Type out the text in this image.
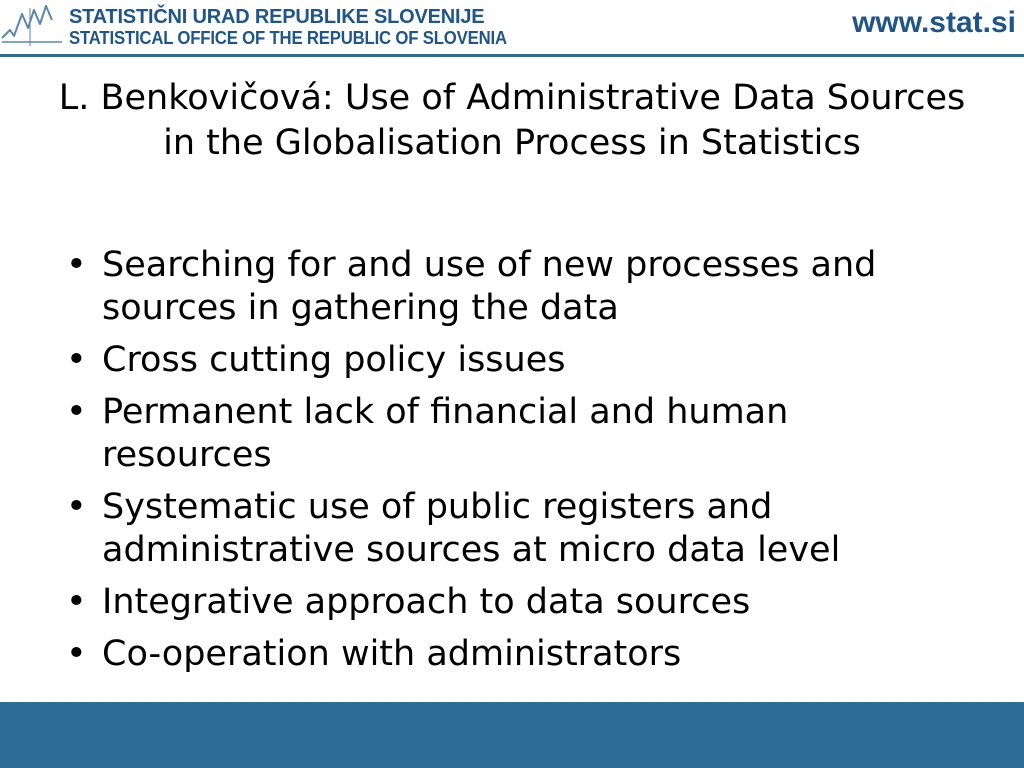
STATISTIČNI URAD REPUBLIKE SLOVENIJE
STATISTICAL OFFICE OF THE REPUBLIC OF SLOVENIA	www.stat.si
L. Benkovičová: Use of Administrative Data Sources in the Globalisation Process in Statistics
• Searching for and use of new processes and sources in gathering the data
• Cross cutting policy issues
• Permanent lack of financial and human resources
• Systematic use of public registers and administrative sources at micro data level
• Integrative approach to data sources
• Co-operation with administrators
